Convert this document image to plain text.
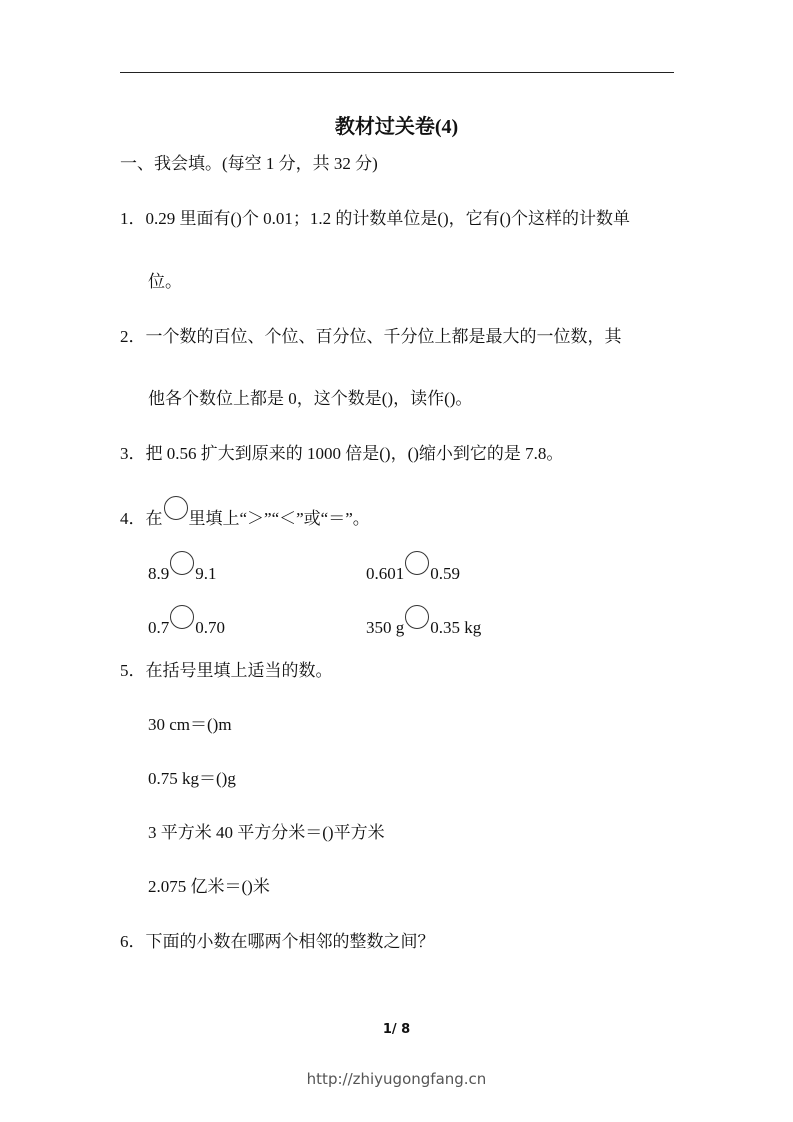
教材过关卷(4)
一、我会填。(每空 1 分，共 32 分)
1．0.29 里面有()个 0.01；1.2 的计数单位是()，它有()个这样的计数单
位。
2．一个数的百位、个位、百分位、千分位上都是最大的一位数，其
他各个数位上都是 0，这个数是()，读作()。
3．把 0.56 扩大到原来的 1000 倍是()，()缩小到它的是 7.8。
4．在 里填上“＞”“＜”或“＝”。
8.9 9.1	0.601 0.59
0.7 0.70	350 g 0.35 kg
5．在括号里填上适当的数。
30 cm＝()m
0.75 kg＝()g
3 平方米 40 平方分米＝()平方米
2.075 亿米＝()米
6．下面的小数在哪两个相邻的整数之间？
1/ 8
http://zhiyugongfang.cn
